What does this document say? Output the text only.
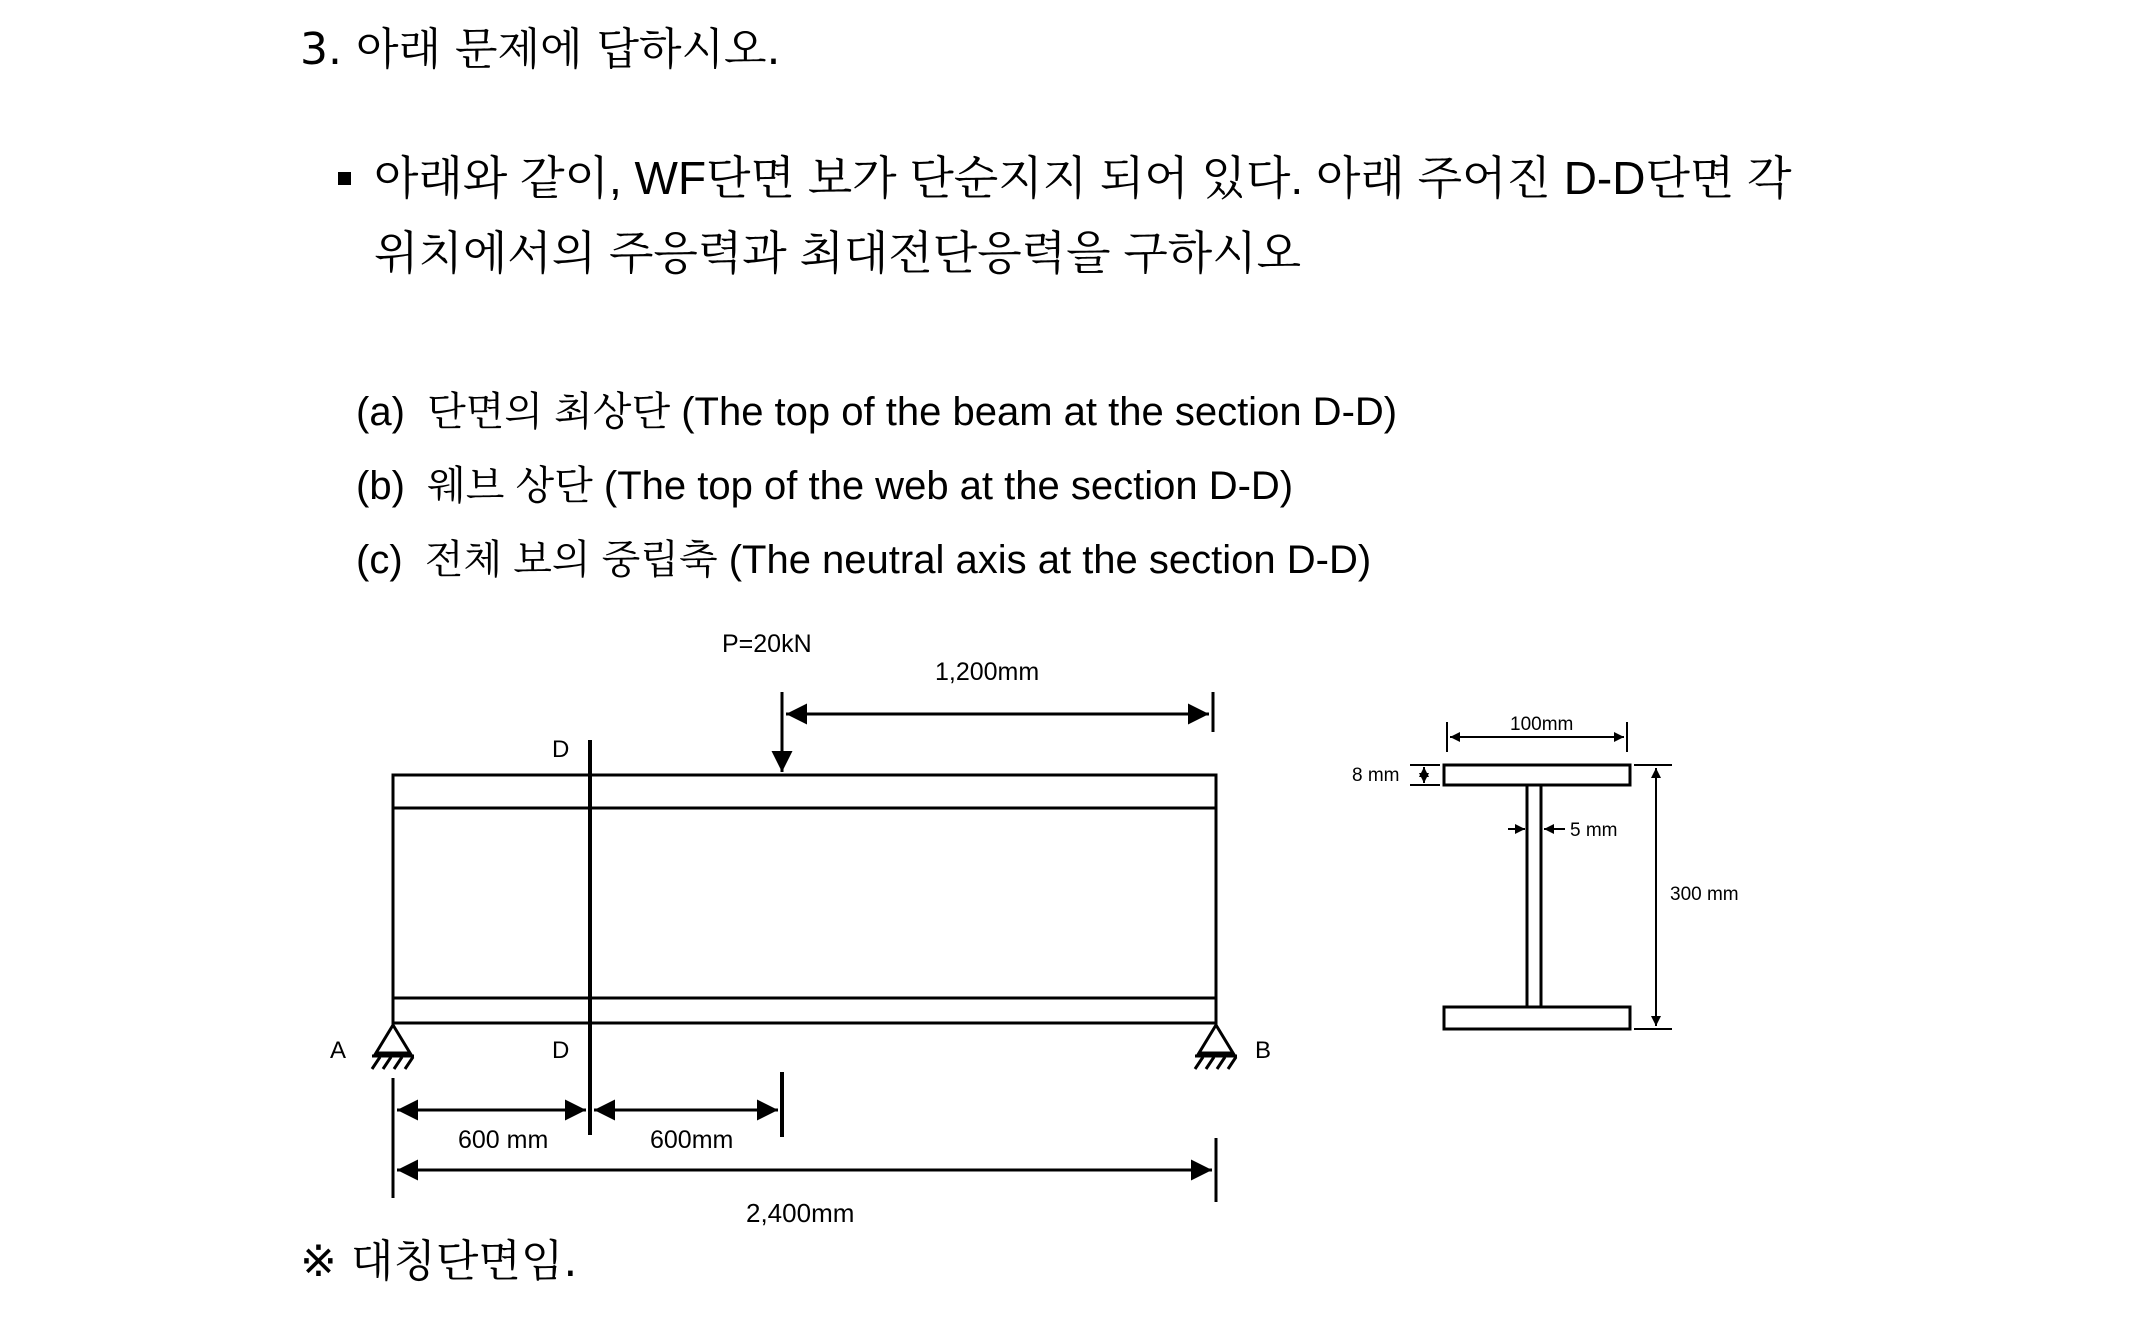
3. 아래 문제에 답하시오.
아래와 같이, WF단면 보가 단순지지 되어 있다. 아래 주어진 D-D단면 각
위치에서의 주응력과 최대전단응력을 구하시오
(a) 단면의 최상단 (The top of the beam at the section D-D)
(b) 웨브 상단 (The top of the web at the section D-D)
(c) 전체 보의 중립축 (The neutral axis at the section D-D)
D
D
P=20kN
1,200mm
A	B
600 mm	600mm
2,400mm
100mm
8 mm
5 mm
300 mm
※ 대칭단면임.
